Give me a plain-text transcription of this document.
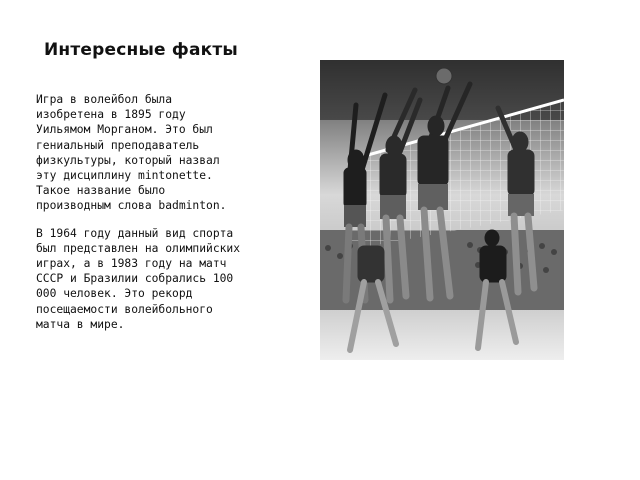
Интересные факты

Игра в волейбол была изобретена в 1895 году Уильямом Морганом. Это был гениальный преподаватель физкультуры, который назвал эту дисциплину mintonette. Такое название было производным слова badminton.

В 1964 году данный вид спорта был представлен на олимпийских играх, а в 1983 году на матч СССР и Бразилии собрались 100 000 человек. Это рекорд посещаемости волейбольного матча в мире.
